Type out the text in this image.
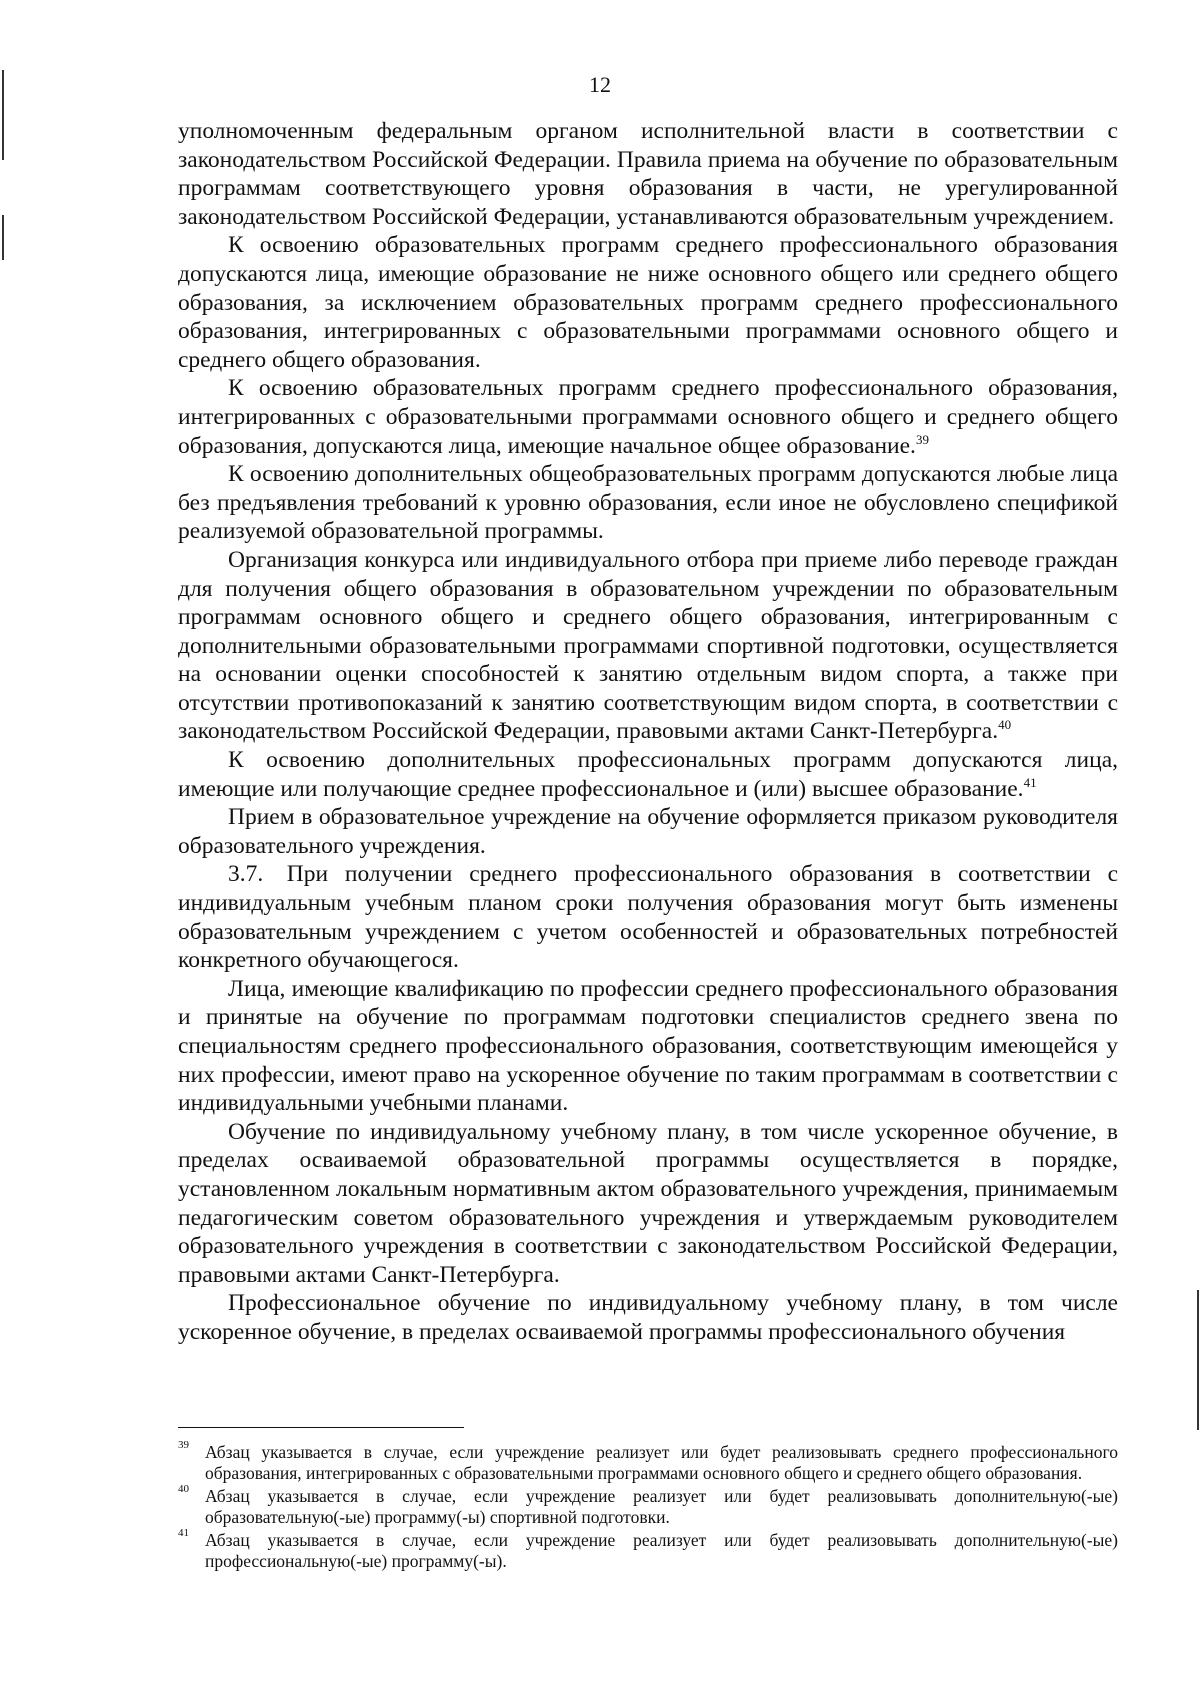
12

уполномоченным федеральным органом исполнительной власти в соответствии с законодательством Российской Федерации. Правила приема на обучение по образовательным программам соответствующего уровня образования в части, не урегулированной законодательством Российской Федерации, устанавливаются образовательным учреждением.

К освоению образовательных программ среднего профессионального образования допускаются лица, имеющие образование не ниже основного общего или среднего общего образования, за исключением образовательных программ среднего профессионального образования, интегрированных с образовательными программами основного общего и среднего общего образования.

К освоению образовательных программ среднего профессионального образования, интегрированных с образовательными программами основного общего и среднего общего образования, допускаются лица, имеющие начальное общее образование.$^{39}$

К освоению дополнительных общеобразовательных программ допускаются любые лица без предъявления требований к уровню образования, если иное не обусловлено спецификой реализуемой образовательной программы.

Организация конкурса или индивидуального отбора при приеме либо переводе граждан для получения общего образования в образовательном учреждении по образовательным программам основного общего и среднего общего образования, интегрированным с дополнительными образовательными программами спортивной подготовки, осуществляется на основании оценки способностей к занятию отдельным видом спорта, а также при отсутствии противопоказаний к занятию соответствующим видом спорта, в соответствии с законодательством Российской Федерации, правовыми актами Санкт-Петербурга.$^{40}$

К освоению дополнительных профессиональных программ допускаются лица, имеющие или получающие среднее профессиональное и (или) высшее образование.$^{41}$

Прием в образовательное учреждение на обучение оформляется приказом руководителя образовательного учреждения.

3.7. При получении среднего профессионального образования в соответствии с индивидуальным учебным планом сроки получения образования могут быть изменены образовательным учреждением с учетом особенностей и образовательных потребностей конкретного обучающегося.

Лица, имеющие квалификацию по профессии среднего профессионального образования и принятые на обучение по программам подготовки специалистов среднего звена по специальностям среднего профессионального образования, соответствующим имеющейся у них профессии, имеют право на ускоренное обучение по таким программам в соответствии с индивидуальными учебными планами.

Обучение по индивидуальному учебному плану, в том числе ускоренное обучение, в пределах осваиваемой образовательной программы осуществляется в порядке, установленном локальным нормативным актом образовательного учреждения, принимаемым педагогическим советом образовательного учреждения и утверждаемым руководителем образовательного учреждения в соответствии с законодательством Российской Федерации, правовыми актами Санкт-Петербурга.

Профессиональное обучение по индивидуальному учебному плану, в том числе ускоренное обучение, в пределах осваиваемой программы профессионального обучения

39 Абзац указывается в случае, если учреждение реализует или будет реализовывать среднего профессионального образования, интегрированных с образовательными программами основного общего и среднего общего образования.

40 Абзац указывается в случае, если учреждение реализует или будет реализовывать дополнительную(-ые) образовательную(-ые) программу(-ы) спортивной подготовки.

41 Абзац указывается в случае, если учреждение реализует или будет реализовывать дополнительную(-ые) профессиональную(-ые) программу(-ы).
